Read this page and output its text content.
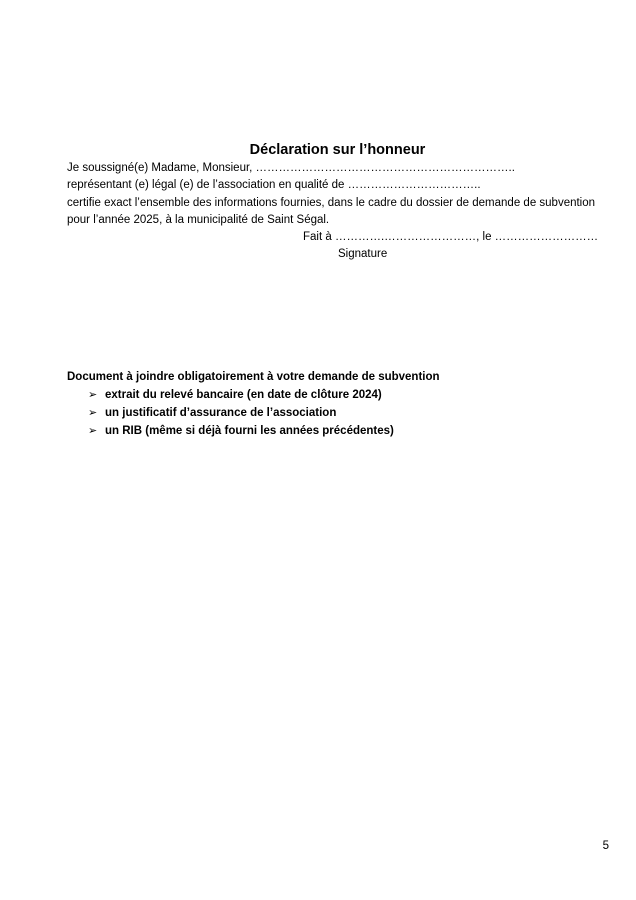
Déclaration sur l’honneur
Je soussigné(e) Madame, Monsieur, …………………………………………………………..
représentant (e) légal (e) de l’association en qualité de ……………………………..
certifie exact l’ensemble des informations fournies, dans le cadre du dossier de demande de subvention
pour l’année 2025, à la municipalité de Saint Ségal.
Fait à ………….……………………, le ………………………
Signature
Document à joindre obligatoirement à votre demande de subvention
➢ extrait du relevé bancaire (en date de clôture 2024)
➢ un justificatif d’assurance de l’association
➢ un RIB (même si déjà fourni les années précédentes)
5
